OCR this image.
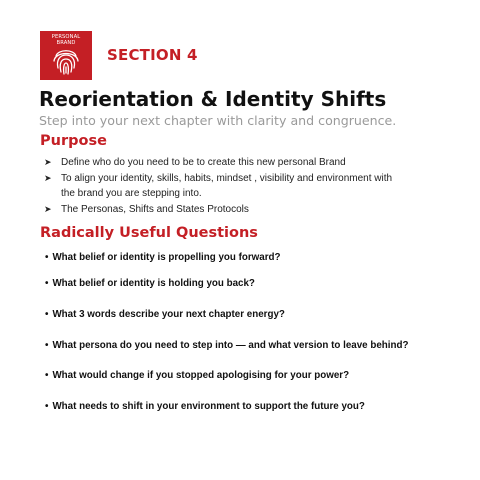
PERSONAL
BRAND
SECTION 4
Reorientation & Identity Shifts
Step into your next chapter with clarity and congruence.
Purpose
➤ Define who do you need to be to create this new personal Brand
➤ To align your identity, skills, habits, mindset , visibility and environment with
the brand you are stepping into.
➤ The Personas, Shifts and States Protocols
Radically Useful Questions
• What belief or identity is propelling you forward?
• What belief or identity is holding you back?
• What 3 words describe your next chapter energy?
• What persona do you need to step into — and what version to leave behind?
• What would change if you stopped apologising for your power?
• What needs to shift in your environment to support the future you?
